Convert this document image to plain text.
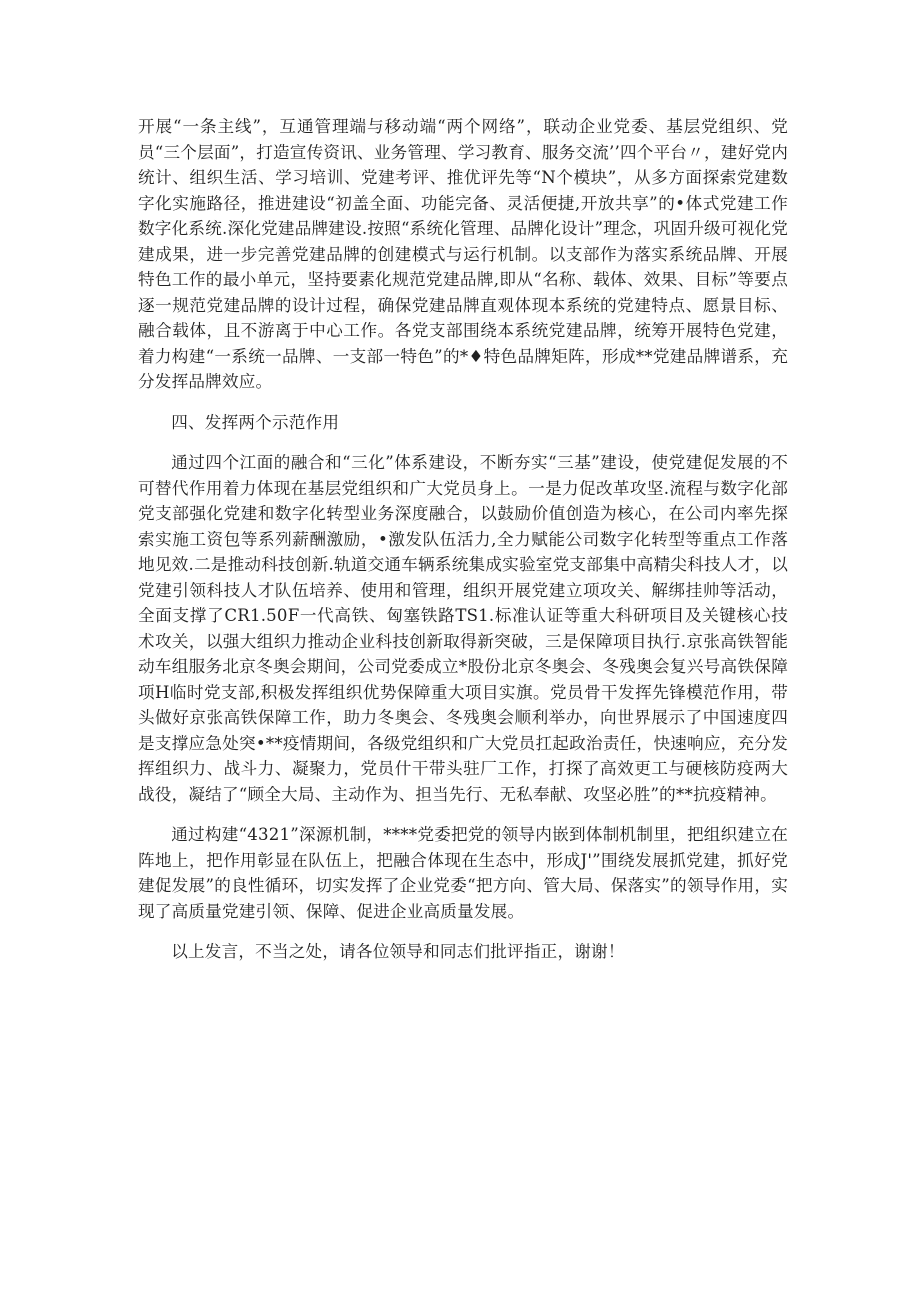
开展“一条主线”，互通管理端与移动端“两个网络”，联动企业党委、基层党组织、党员“三个层面”，打造宣传资讯、业务管理、学习教育、服务交流’’四个平台〃，建好党内统计、组织生活、学习培训、党建考评、推优评先等“N个模块”，从多方面探索党建数字化实施路径，推进建设“初盖全面、功能完备、灵活便捷,开放共享”的•体式党建工作数字化系统.深化党建品牌建设.按照“系统化管理、品牌化设计”理念，巩固升级可视化党建成果，进一步完善党建品牌的创建模式与运行机制。以支部作为落实系统品牌、开展特色工作的最小单元，坚持要素化规范党建品牌,即从“名称、载体、效果、目标”等要点逐一规范党建品牌的设计过程，确保党建品牌直观体现本系统的党建特点、愿景目标、融合载体，且不游离于中心工作。各党支部围绕本系统党建品牌，统筹开展特色党建，着力构建“一系统一品牌、一支部一特色”的*♦特色品牌矩阵，形成**党建品牌谱系，充分发挥品牌效应。

四、发挥两个示范作用

通过四个江面的融合和“三化”体系建设，不断夯实“三基”建设，使党建促发展的不可替代作用着力体现在基层党组织和广大党员身上。一是力促改革攻坚.流程与数字化部党支部强化党建和数字化转型业务深度融合，以鼓励价值创造为核心，在公司内率先探索实施工资包等系列薪酬激励，•激发队伍活力,全力赋能公司数字化转型等重点工作落地见效.二是推动科技创新.轨道交通车辆系统集成实验室党支部集中高精尖科技人才，以党建引领科技人才队伍培养、使用和管理，组织开展党建立项攻关、解绑挂帅等活动，全面支撑了CR1.50F一代高铁、匈塞铁路TS1.标准认证等重大科研项目及关键核心技术攻关，以强大组织力推动企业科技创新取得新突破，三是保障项目执行.京张高铁智能动车组服务北京冬奥会期间，公司党委成立*股份北京冬奥会、冬残奥会复兴号高铁保障项H临时党支部,积极发挥组织优势保障重大项目实旗。党员骨干发挥先锋模范作用，带头做好京张高铁保障工作，助力冬奥会、冬残奥会顺利举办，向世界展示了中国速度四是支撑应急处突•**疫情期间，各级党组织和广大党员扛起政治责任，快速响应，充分发挥组织力、战斗力、凝聚力，党员什干带头驻厂工作，打探了高效更工与硬核防疫两大战役，凝结了“顾全大局、主动作为、担当先行、无私奉献、攻坚必胜”的**抗疫精神。

通过构建“4321”深源机制，****党委把党的领导内嵌到体制机制里，把组织建立在阵地上，把作用彰显在队伍上，把融合体现在生态中，形成J'”围绕发展抓党建，抓好党建促发展”的良性循环，切实发挥了企业党委“把方向、管大局、保落实”的领导作用，实现了高质量党建引领、保障、促进企业高质量发展。

以上发言，不当之处，请各位领导和同志们批评指正，谢谢！
